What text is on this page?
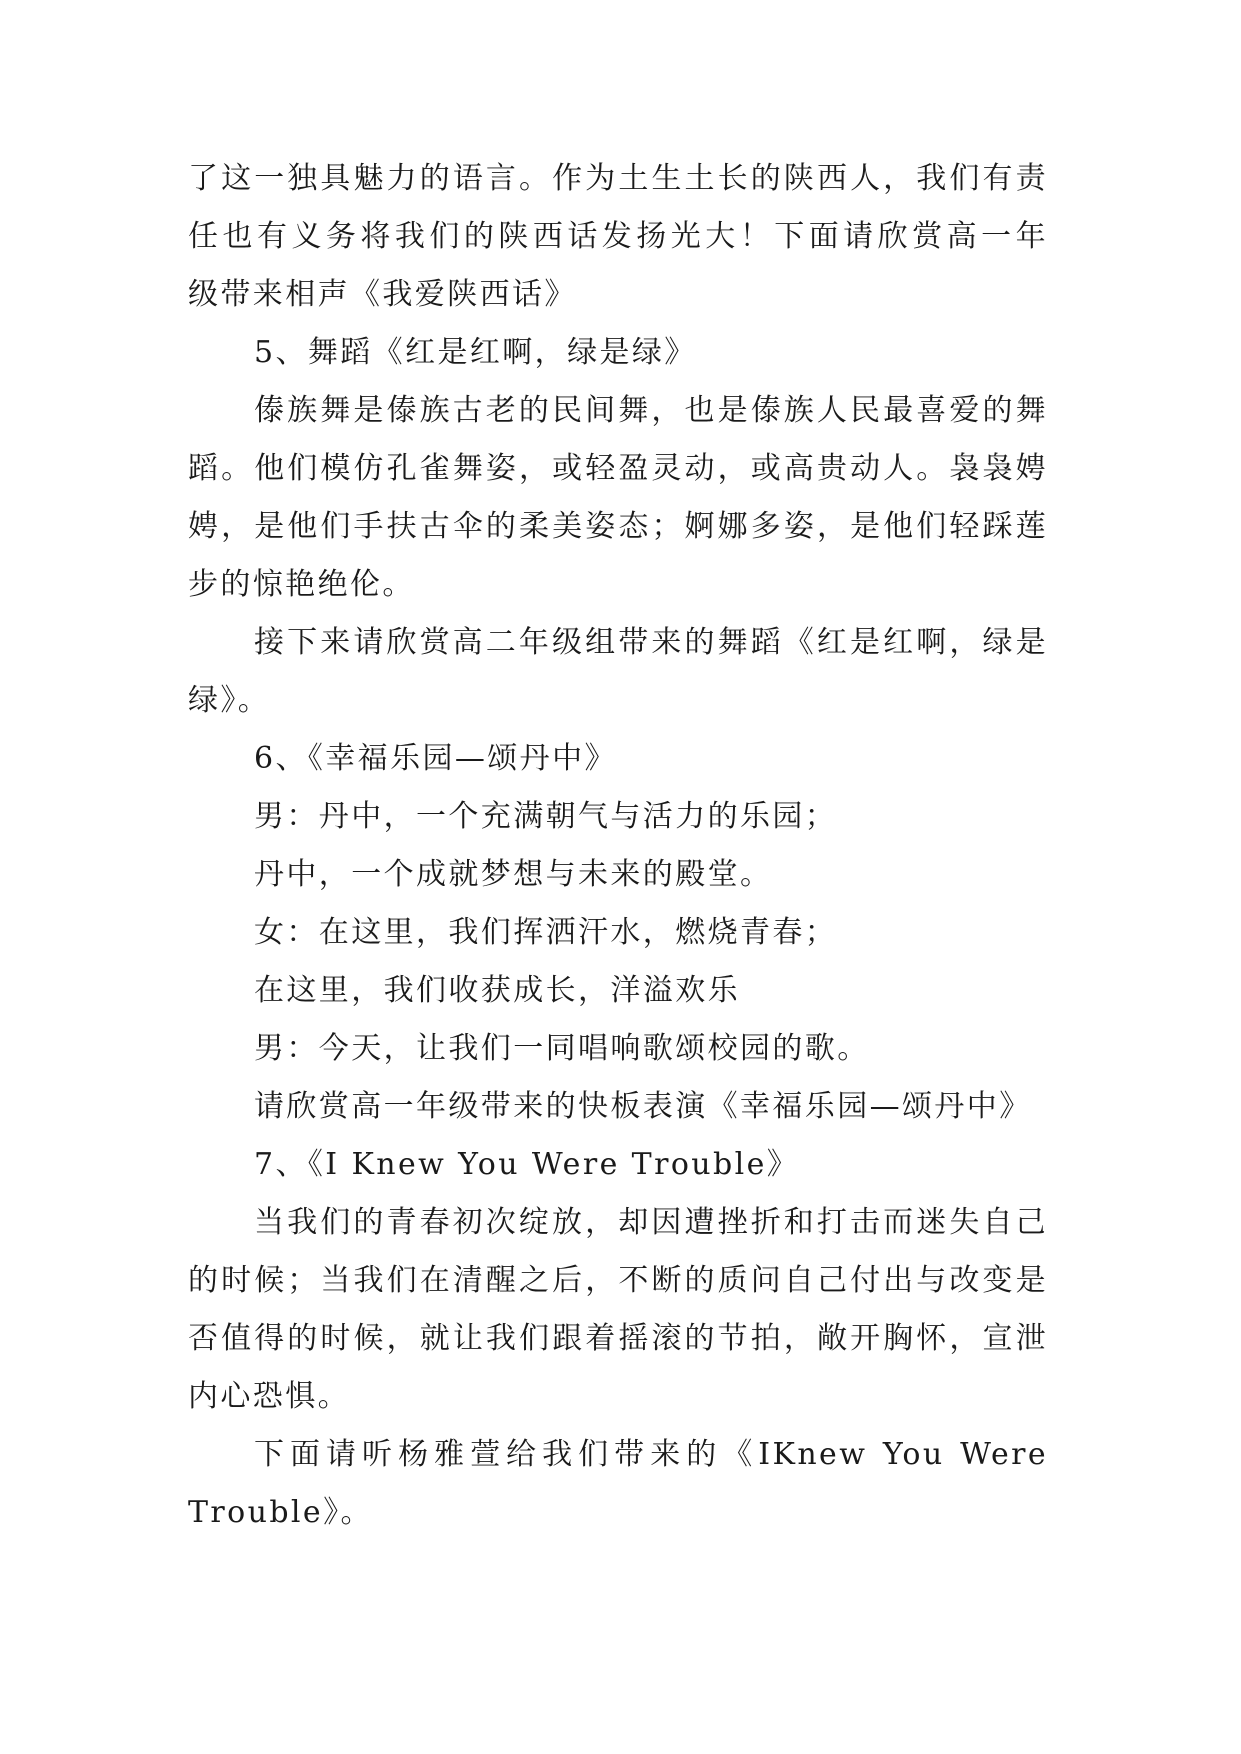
了这一独具魅力的语言。作为土生土长的陕西人，我们有责
任也有义务将我们的陕西话发扬光大！下面请欣赏高一年
级带来相声《我爱陕西话》
5、舞蹈《红是红啊，绿是绿》
傣族舞是傣族古老的民间舞，也是傣族人民最喜爱的舞
蹈。他们模仿孔雀舞姿，或轻盈灵动，或高贵动人。袅袅娉
娉，是他们手扶古伞的柔美姿态；婀娜多姿，是他们轻踩莲
步的惊艳绝伦。
接下来请欣赏高二年级组带来的舞蹈《红是红啊，绿是
绿》。
6、《幸福乐园—颂丹中》
男：丹中，一个充满朝气与活力的乐园；
丹中，一个成就梦想与未来的殿堂。
女：在这里，我们挥洒汗水，燃烧青春；
在这里，我们收获成长，洋溢欢乐
男：今天，让我们一同唱响歌颂校园的歌。
请欣赏高一年级带来的快板表演《幸福乐园—颂丹中》
7、《I Knew You Were Trouble》
当我们的青春初次绽放，却因遭挫折和打击而迷失自己
的时候；当我们在清醒之后，不断的质问自己付出与改变是
否值得的时候，就让我们跟着摇滚的节拍，敞开胸怀，宣泄
内心恐惧。
下面请听杨雅萱给我们带来的《IKnew You Were
Trouble》。
